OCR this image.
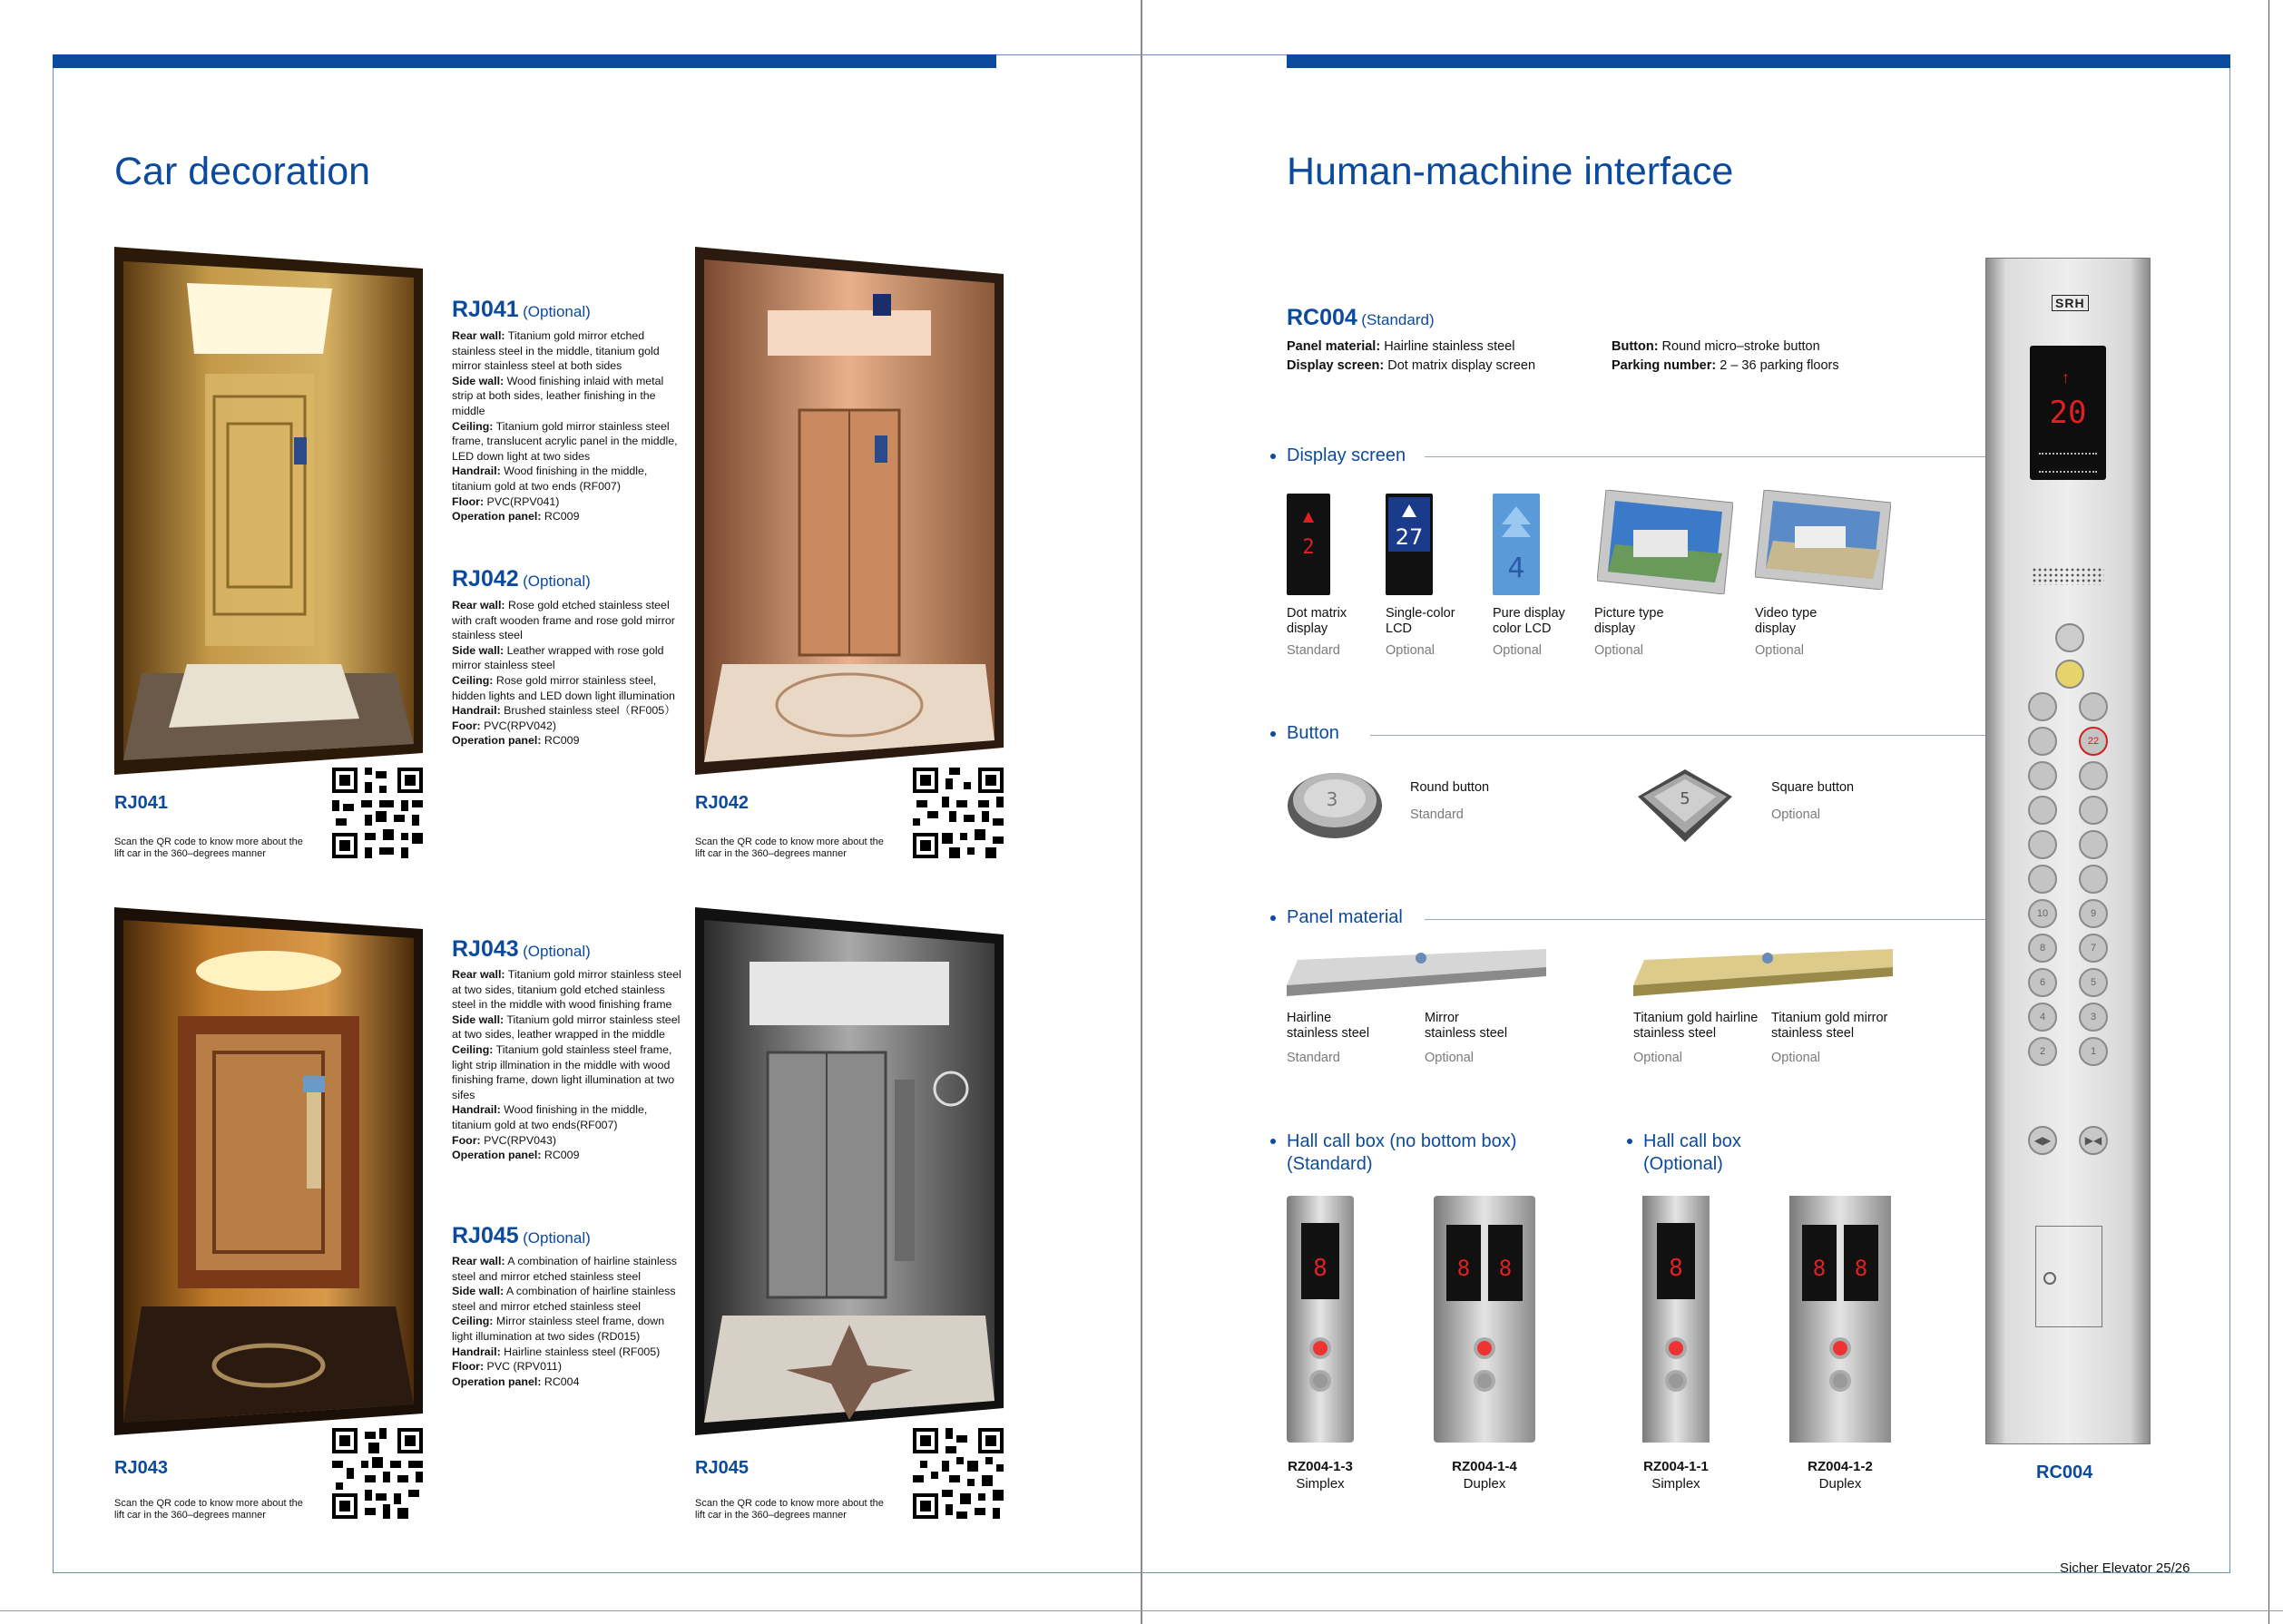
Car decoration
RJ041
Scan the QR code to know more about the lift car in the 360–degrees manner
RJ042
Scan the QR code to know more about the lift car in the 360–degrees manner
RJ043
Scan the QR code to know more about the lift car in the 360–degrees manner
RJ045
Scan the QR code to know more about the lift car in the 360–degrees manner
RJ041 (Optional)
Rear wall: Titanium gold mirror etched stainless steel in the middle, titanium gold mirror stainless steel at both sides
Side wall: Wood finishing inlaid with metal strip at both sides, leather finishing in the middle
Ceiling: Titanium gold mirror stainless steel frame, translucent acrylic panel in the middle, LED down light at two sides
Handrail: Wood finishing in the middle, titanium gold at two ends (RF007)
Floor: PVC(RPV041)
Operation panel: RC009
RJ042 (Optional)
Rear wall: Rose gold etched stainless steel with craft wooden frame and rose gold mirror stainless steel
Side wall: Leather wrapped with rose gold mirror stainless steel
Ceiling: Rose gold mirror stainless steel, hidden lights and LED down light illumination
Handrail: Brushed stainless steel（RF005）
Foor: PVC(RPV042)
Operation panel: RC009
RJ043 (Optional)
Rear wall: Titanium gold mirror stainless steel at two sides, titanium gold etched stainless steel in the middle with wood finishing frame
Side wall: Titanium gold mirror stainless steel at two sides, leather wrapped in the middle
Ceiling: Titanium gold stainless steel frame, light strip illmination in the middle with wood finishing frame, down light illumination at two sifes
Handrail: Wood finishing in the middle, titanium gold at two ends(RF007)
Foor: PVC(RPV043)
Operation panel: RC009
RJ045 (Optional)
Rear wall: A combination of hairline stainless steel and mirror etched stainless steel
Side wall: A combination of hairline stainless steel and mirror etched stainless steel
Ceiling: Mirror stainless steel frame, down light illumination at two sides (RD015)
Handrail: Hairline stainless steel (RF005)
Floor: PVC (RPV011)
Operation panel: RC004
Human-machine interface
RC004 (Standard)
Panel material: Hairline stainless steel
Display screen: Dot matrix display screen
Button: Round micro–stroke button
Parking number: 2 – 36 parking floors
Display screen
2	27
4
Dot matrix
display
Standard
Single-color
LCD
Optional
Pure display
color LCD
Optional
Picture type
display
Optional
Video type
display
Optional
Button
3	5
Round button
Standard
Square button
Optional
Panel material
Hairline
stainless steel
Standard
Mirror
stainless steel
Optional
Titanium gold hairline
stainless steel
Optional
Titanium gold mirror
stainless steel
Optional
Hall call box (no bottom box)
(Standard)
Hall call box
(Optional)
8	8 8	8	8 8
RZ004-1-3
Simplex
RZ004-1-4
Duplex
RZ004-1-1
Simplex
RZ004-1-2
Duplex
SRH
↑
20
22
10	9
8	7
6	5
4	3
2	1
◀▶	▶◀
RC004
Sicher Elevator 25/26
